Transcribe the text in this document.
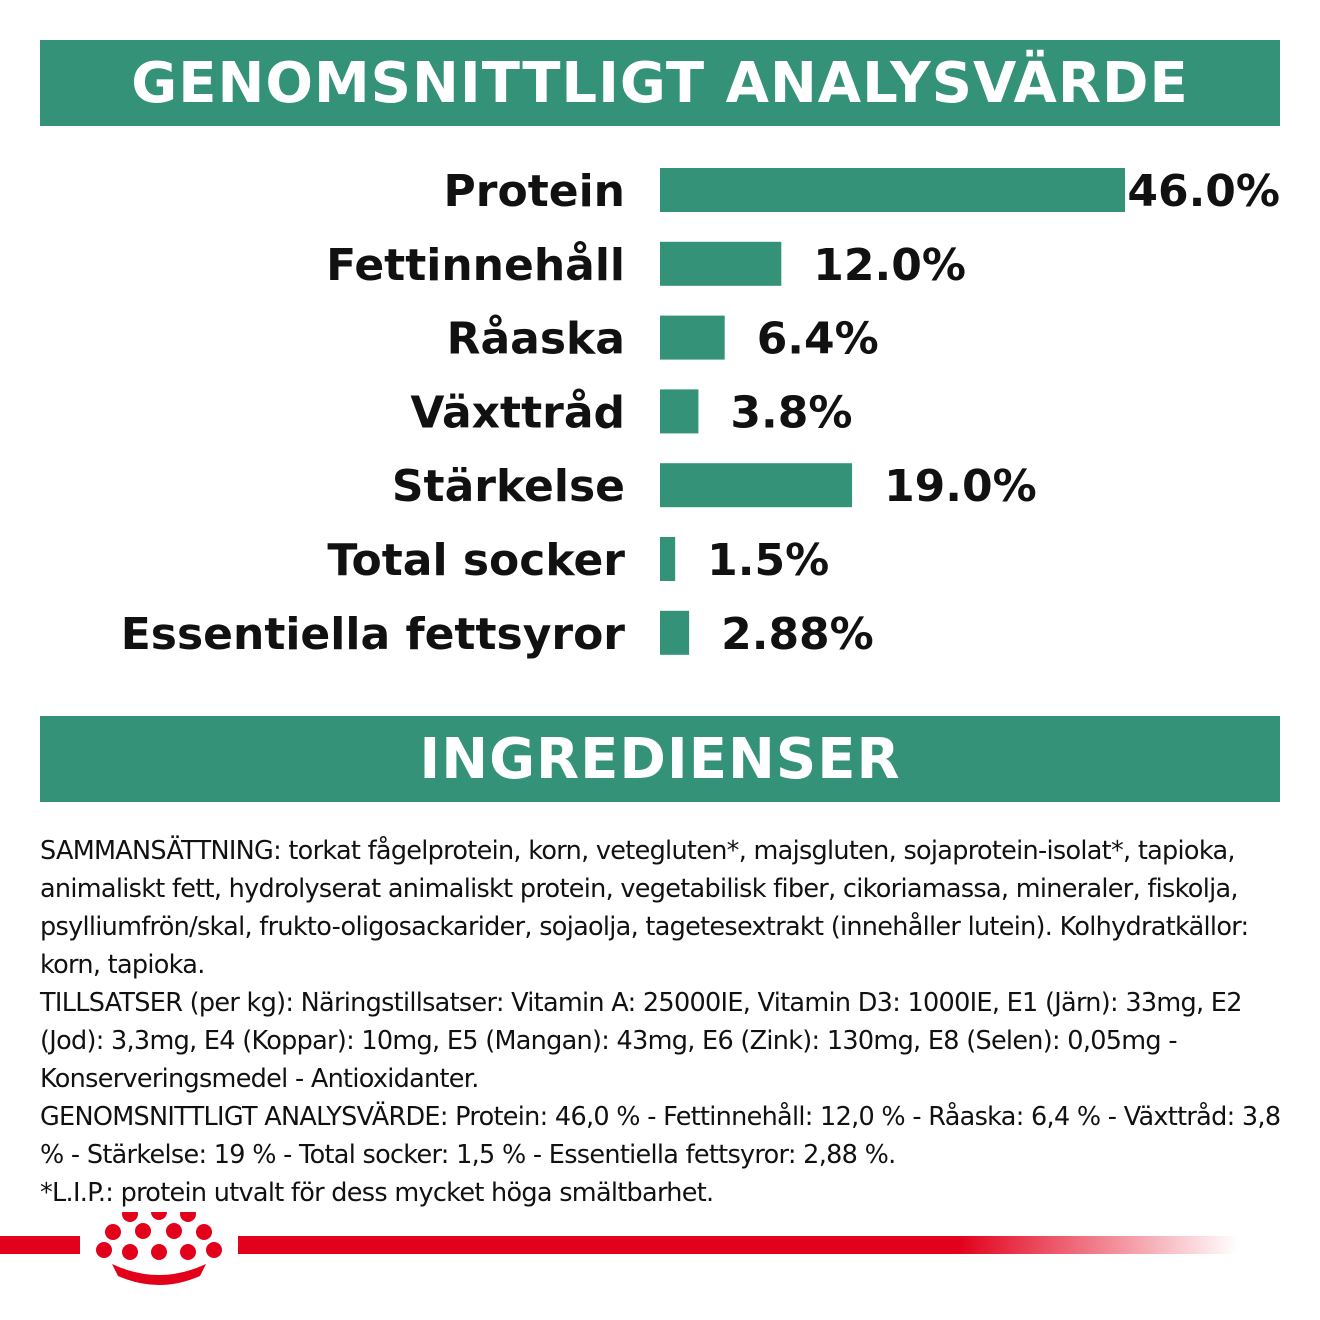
GENOMSNITTLIGT ANALYSVÄRDE
Protein	46.0%
Fettinnehåll	12.0%
Råaska	6.4%
Växttråd 3.8%
Stärkelse	19.0%
Total socker 1.5%
Essentiella fettsyror 2.88%
INGREDIENSER

SAMMANSÄTTNING: torkat fågelprotein, korn, vetegluten*, majsgluten, sojaprotein-isolat*, tapioka, animaliskt fett, hydrolyserat animaliskt protein, vegetabilisk fiber, cikoriamassa, mineraler, fiskolja, psylliumfrön/skal, frukto-oligosackarider, sojaolja, tagetesextrakt (innehåller lutein). Kolhydratkällor: korn, tapioka.

TILLSATSER (per kg): Näringstillsatser: Vitamin A: 25000IE, Vitamin D3: 1000IE, E1 (Järn): 33mg, E2 (Jod): 3,3mg, E4 (Koppar): 10mg, E5 (Mangan): 43mg, E6 (Zink): 130mg, E8 (Selen): 0,05mg - Konserveringsmedel - Antioxidanter.

GENOMSNITTLIGT ANALYSVÄRDE: Protein: 46,0 % - Fettinnehåll: 12,0 % - Råaska: 6,4 % - Växttråd: 3,8 % - Stärkelse: 19 % - Total socker: 1,5 % - Essentiella fettsyror: 2,88 %.

*L.I.P.: protein utvalt för dess mycket höga smältbarhet.
